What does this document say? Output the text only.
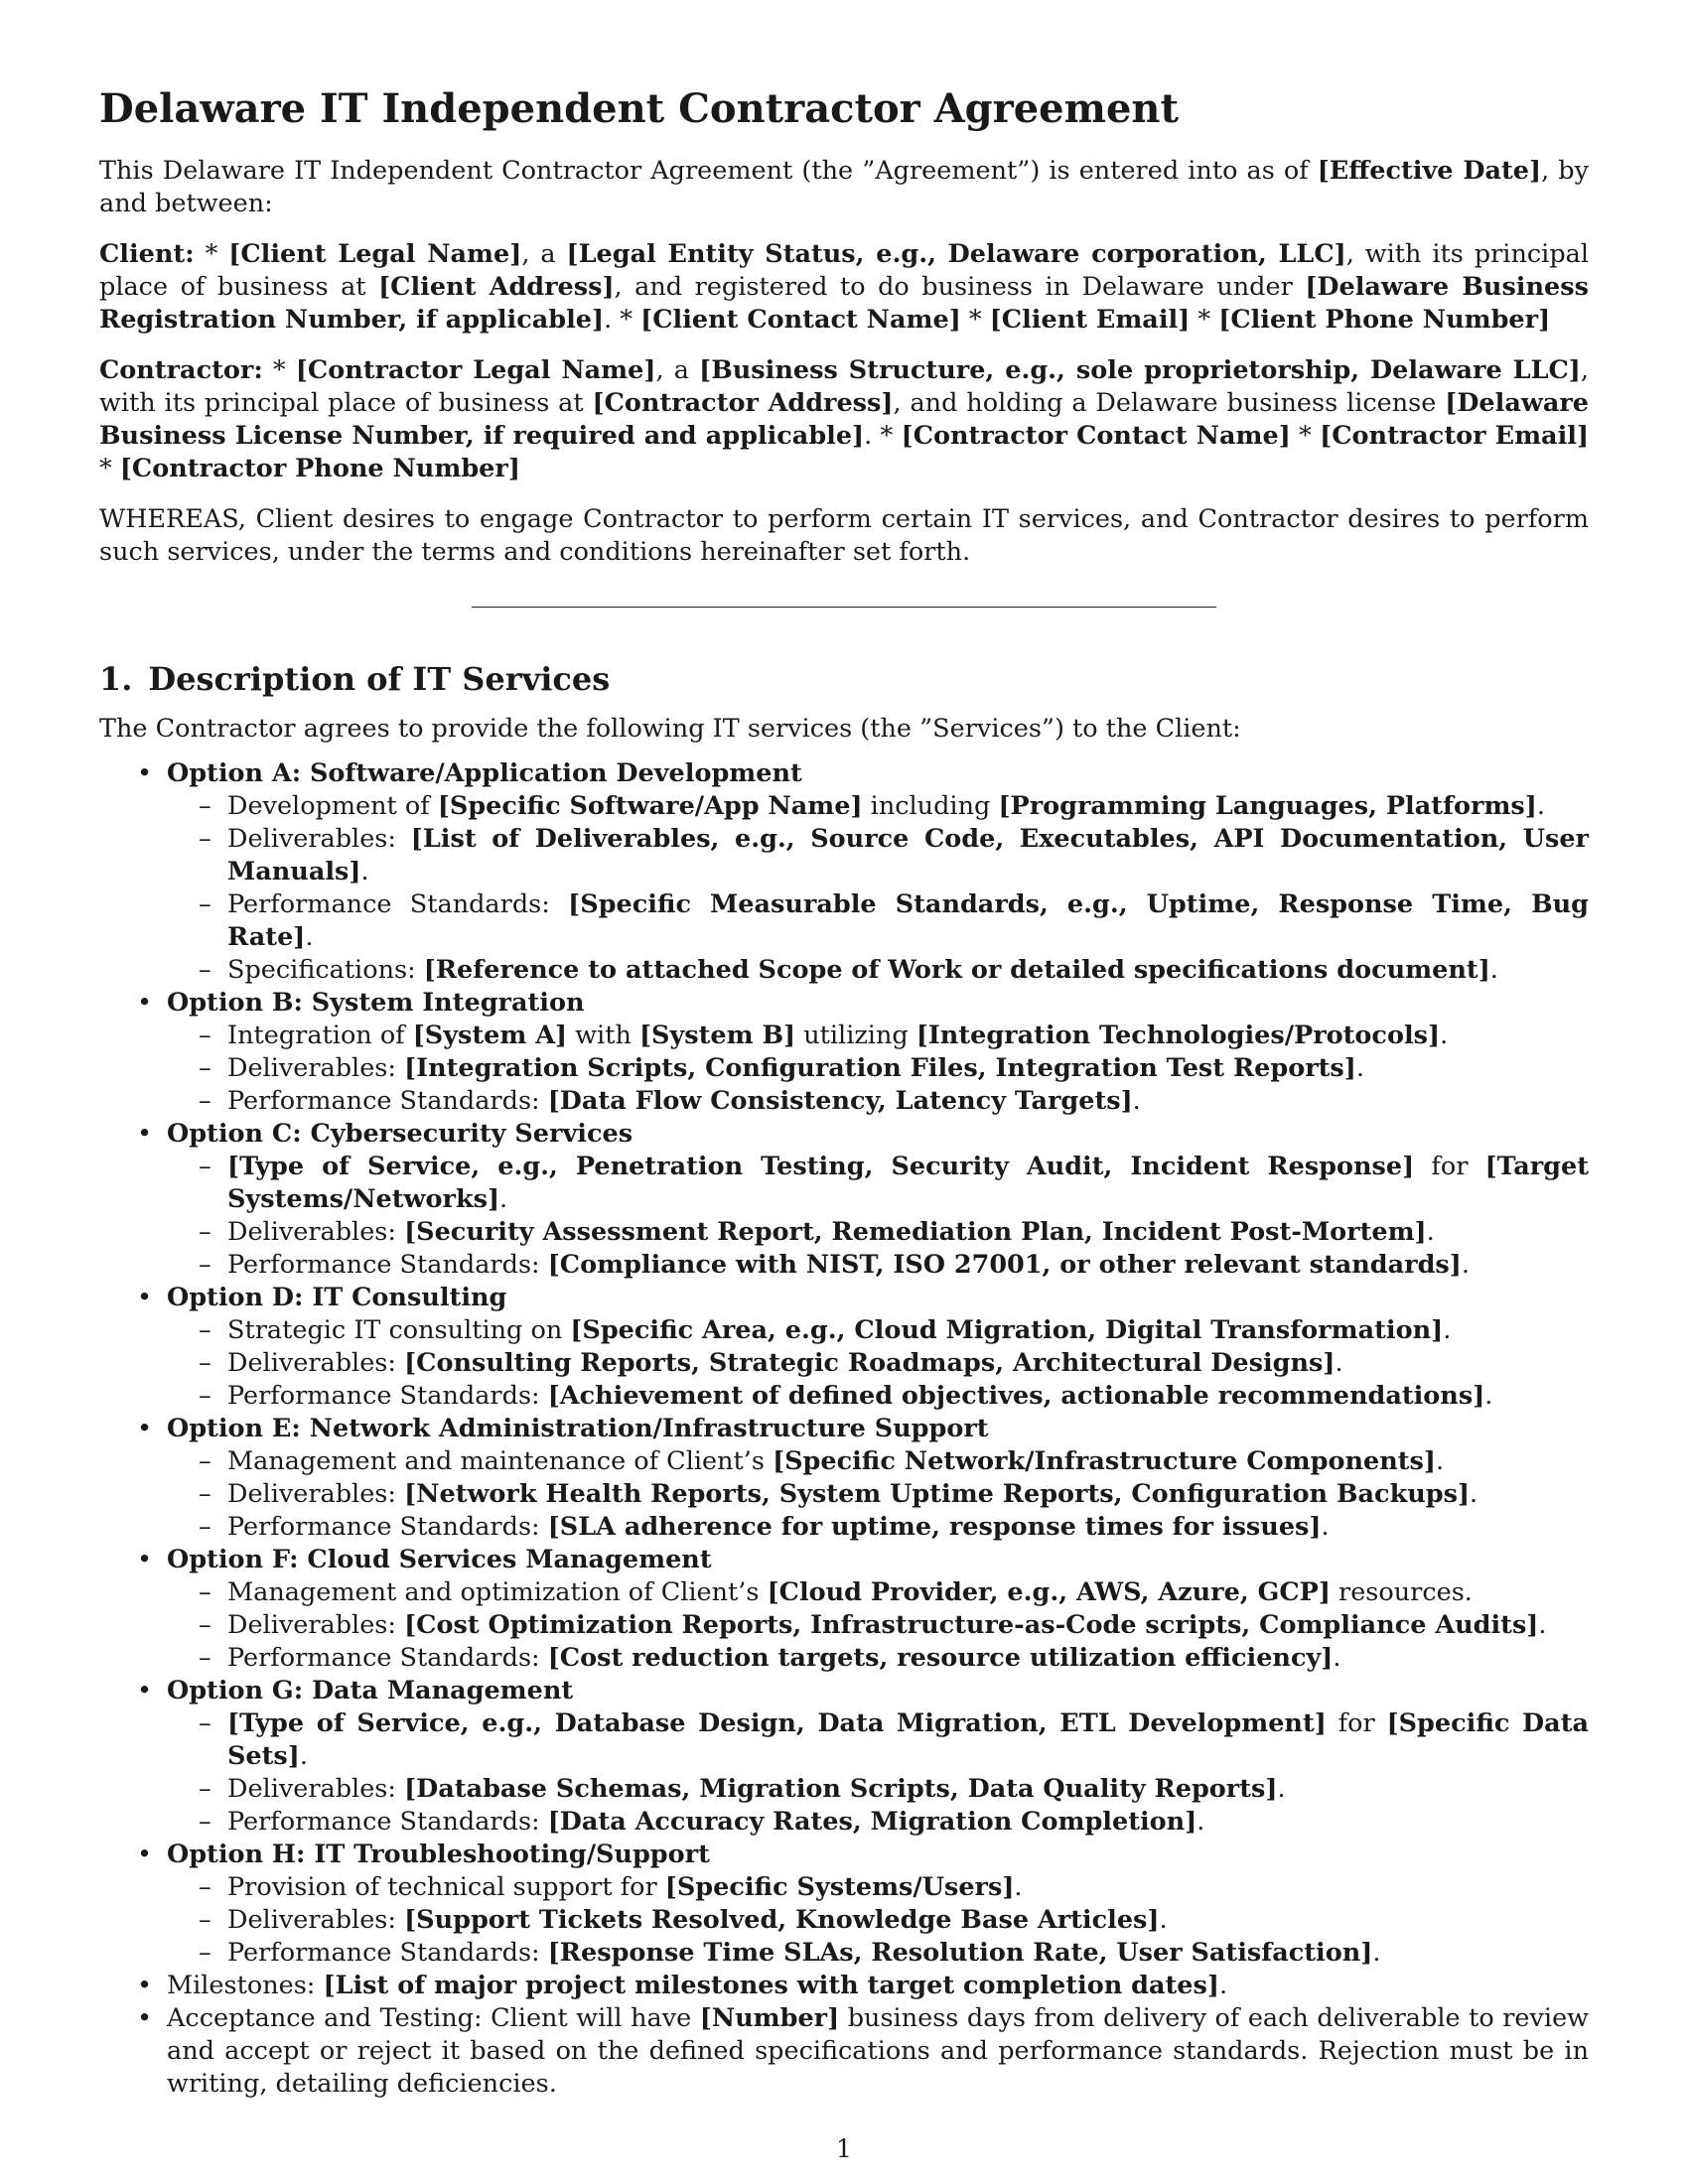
Delaware IT Independent Contractor Agreement

This Delaware IT Independent Contractor Agreement (the ”Agreement”) is entered into as of [Effective Date], by and between:

Client: * [Client Legal Name], a [Legal Entity Status, e.g., Delaware corporation, LLC], with its principal place of business at [Client Address], and registered to do business in Delaware under [Delaware Business Registration Number, if applicable]. * [Client Contact Name] * [Client Email] * [Client Phone Number]

Contractor: * [Contractor Legal Name], a [Business Structure, e.g., sole proprietorship, Delaware LLC], with its principal place of business at [Contractor Address], and holding a Delaware business license [Delaware Business License Number, if required and applicable]. * [Contractor Contact Name] * [Contractor Email] * [Contractor Phone Number]

WHEREAS, Client desires to engage Contractor to perform certain IT services, and Contractor desires to perform such services, under the terms and conditions hereinafter set forth.

1. Description of IT Services

The Contractor agrees to provide the following IT services (the ”Services”) to the Client:

• Option A: Software/Application Development
– Development of [Specific Software/App Name] including [Programming Languages, Platforms].
– Deliverables: [List of Deliverables, e.g., Source Code, Executables, API Documentation, User Manuals].
– Performance Standards: [Specific Measurable Standards, e.g., Uptime, Response Time, Bug Rate].
– Specifications: [Reference to attached Scope of Work or detailed specifications document].
• Option B: System Integration
– Integration of [System A] with [System B] utilizing [Integration Technologies/Protocols].
– Deliverables: [Integration Scripts, Configuration Files, Integration Test Reports].
– Performance Standards: [Data Flow Consistency, Latency Targets].
• Option C: Cybersecurity Services
– [Type of Service, e.g., Penetration Testing, Security Audit, Incident Response] for [Target Systems/Networks].
– Deliverables: [Security Assessment Report, Remediation Plan, Incident Post-Mortem].
– Performance Standards: [Compliance with NIST, ISO 27001, or other relevant standards].
• Option D: IT Consulting
– Strategic IT consulting on [Specific Area, e.g., Cloud Migration, Digital Transformation].
– Deliverables: [Consulting Reports, Strategic Roadmaps, Architectural Designs].
– Performance Standards: [Achievement of defined objectives, actionable recommendations].
• Option E: Network Administration/Infrastructure Support
– Management and maintenance of Client’s [Specific Network/Infrastructure Components].
– Deliverables: [Network Health Reports, System Uptime Reports, Configuration Backups].
– Performance Standards: [SLA adherence for uptime, response times for issues].
• Option F: Cloud Services Management
– Management and optimization of Client’s [Cloud Provider, e.g., AWS, Azure, GCP] resources.
– Deliverables: [Cost Optimization Reports, Infrastructure-as-Code scripts, Compliance Audits].
– Performance Standards: [Cost reduction targets, resource utilization efficiency].
• Option G: Data Management
– [Type of Service, e.g., Database Design, Data Migration, ETL Development] for [Specific Data Sets].
– Deliverables: [Database Schemas, Migration Scripts, Data Quality Reports].
– Performance Standards: [Data Accuracy Rates, Migration Completion].
• Option H: IT Troubleshooting/Support
– Provision of technical support for [Specific Systems/Users].
– Deliverables: [Support Tickets Resolved, Knowledge Base Articles].
– Performance Standards: [Response Time SLAs, Resolution Rate, User Satisfaction].
• Milestones: [List of major project milestones with target completion dates].
• Acceptance and Testing: Client will have [Number] business days from delivery of each deliverable to review and accept or reject it based on the defined specifications and performance standards. Rejection must be in writing, detailing deficiencies.
1
